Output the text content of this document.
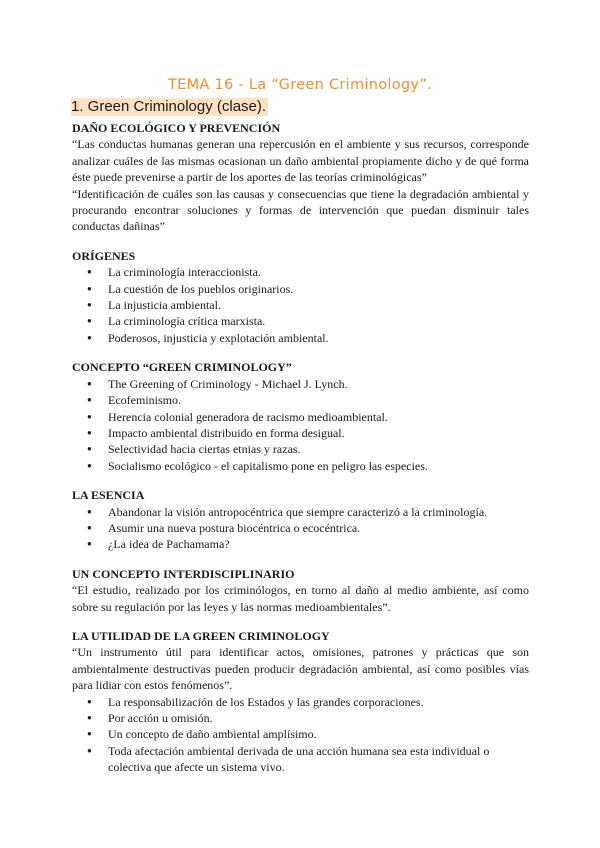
TEMA 16 - La “Green Criminology”.
1. Green Criminology (clase).
DAÑO ECOLÓGICO Y PREVENCIÓN

“Las conductas humanas generan una repercusión en el ambiente y sus recursos, corresponde analizar cuáles de las mismas ocasionan un daño ambiental propiamente dicho y de qué forma éste puede prevenirse a partir de los aportes de las teorías criminológicas”

“Identificación de cuáles son las causas y consecuencias que tiene la degradación ambiental y procurando encontrar soluciones y formas de intervención que puedan disminuir tales conductas dañinas”

ORÍGENES
● La criminología interaccionista.
● La cuestión de los pueblos originarios.
● La injusticia ambiental.
● La criminología crítica marxista.
● Poderosos, injusticia y explotación ambiental.
CONCEPTO “GREEN CRIMINOLOGY”
● The Greening of Criminology - Michael J. Lynch.
● Ecofeminismo.
● Herencia colonial generadora de racismo medioambiental.
● Impacto ambiental distribuido en forma desigual.
● Selectividad hacia ciertas etnias y razas.
● Socialismo ecológico - el capitalismo pone en peligro las especies.
LA ESENCIA
● Abandonar la visión antropocéntrica que siempre caracterizó a la criminología.
● Asumir una nueva postura biocéntrica o ecocéntrica.
● ¿La idea de Pachamama?
UN CONCEPTO INTERDISCIPLINARIO

“El estudio, realizado por los criminólogos, en torno al daño al medio ambiente, así como sobre su regulación por las leyes y las normas medioambientales”.

LA UTILIDAD DE LA GREEN CRIMINOLOGY

“Un instrumento útil para identificar actos, omisiones, patrones y prácticas que son ambientalmente destructivas pueden producir degradación ambiental, así como posibles vías para lidiar con estos fenómenos”.

● La responsabilización de los Estados y las grandes corporaciones.
● Por acción u omisión.
● Un concepto de daño ambiental amplísimo.
● Toda afectación ambiental derivada de una acción humana sea esta individual o colectiva que afecte un sistema vivo.
